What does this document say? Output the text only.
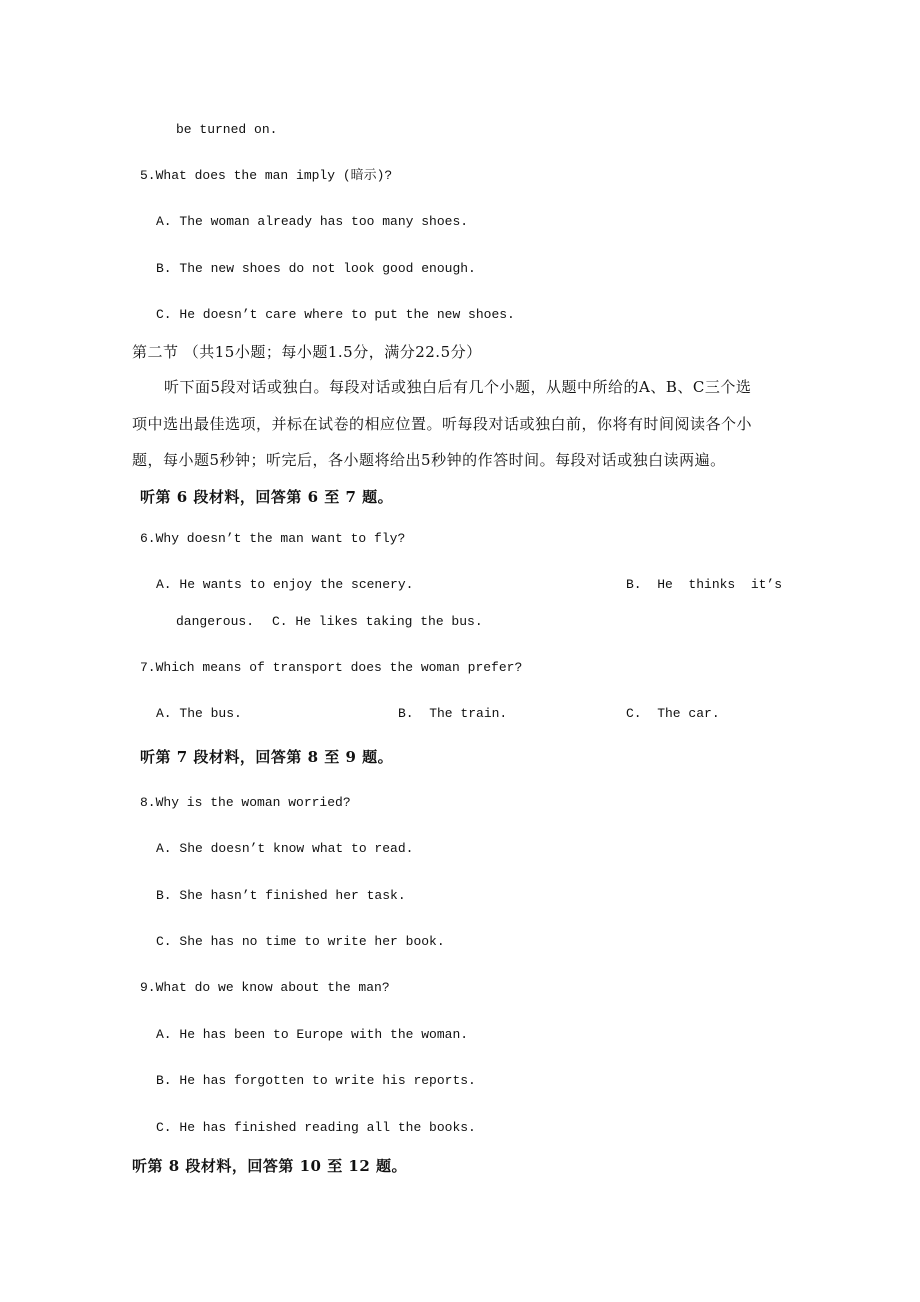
be turned on.
5.What does the man imply (暗示)?
A. The woman already has too many shoes.
B. The new shoes do not look good enough.
C. He doesn’t care where to put the new shoes.
第二节 （共15小题；每小题1.5分，满分22.5分）
听下面5段对话或独白。每段对话或独白后有几个小题，从题中所给的A、B、C三个选
项中选出最佳选项，并标在试卷的相应位置。听每段对话或独白前，你将有时间阅读各个小
题，每小题5秒钟；听完后，各小题将给出5秒钟的作答时间。每段对话或独白读两遍。
听第 6 段材料，回答第 6 至 7 题。
6.Why doesn’t the man want to fly?
A. He wants to enjoy the scenery.	B.  He  thinks  it’s
dangerous. C. He likes taking the bus.
7.Which means of transport does the woman prefer?
A. The bus.	B.  The train.	C.  The car.
听第 7 段材料，回答第 8 至 9 题。
8.Why is the woman worried?
A. She doesn’t know what to read.
B. She hasn’t finished her task.
C. She has no time to write her book.
9.What do we know about the man?
A. He has been to Europe with the woman.
B. He has forgotten to write his reports.
C. He has finished reading all the books.
听第 8 段材料，回答第 10 至 12 题。
